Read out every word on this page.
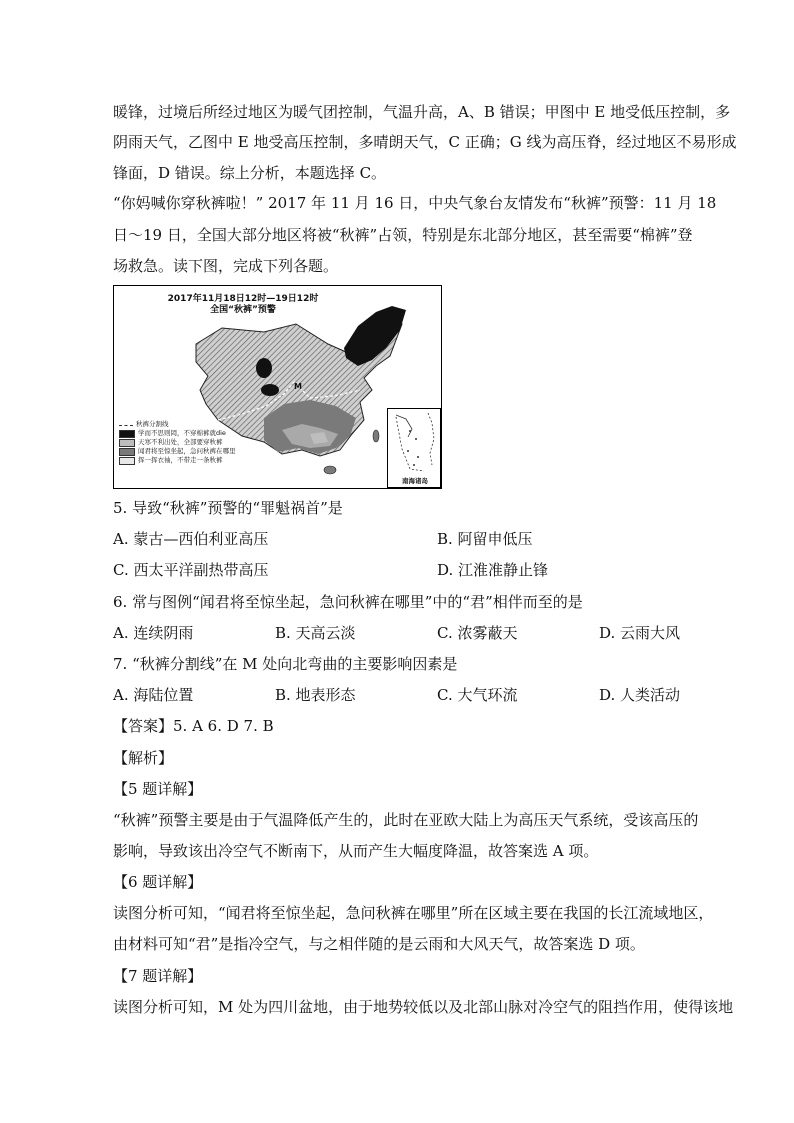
暖锋，过境后所经过地区为暖气团控制，气温升高，A、B 错误；甲图中 E 地受低压控制，多
阴雨天气，乙图中 E 地受高压控制，多晴朗天气，C 正确；G 线为高压脊，经过地区不易形成
锋面，D 错误。综上分析，本题选择 C。
“你妈喊你穿秋裤啦！” 2017 年 11 月 16 日，中央气象台友情发布“秋裤”预警：11 月 18
日～19 日，全国大部分地区将被“秋裤”占领，特别是东北部分地区，甚至需要“棉裤”登
场救急。读下图，完成下列各题。
2017年11月18日12时—19日12时
全国“秋裤”预警
M
秋裤分割线
学而不思则罔，不穿棉裤就die
天寒不利出处，全部要穿秋裤
闻君将至惊坐起，急问秋裤在哪里
挥一挥衣袖，不带走一条秋裤
南海诸岛
5. 导致“秋裤”预警的“罪魁祸首”是
A. 蒙古—西伯利亚高压	B. 阿留申低压
C. 西太平洋副热带高压	D. 江淮准静止锋
6. 常与图例“闻君将至惊坐起，急问秋裤在哪里”中的“君”相伴而至的是
A. 连续阴雨	B. 天高云淡	C. 浓雾蔽天	D. 云雨大风
7. “秋裤分割线”在 M 处向北弯曲的主要影响因素是
A. 海陆位置	B. 地表形态	C. 大气环流	D. 人类活动
【答案】5. A 6. D 7. B
【解析】
【5 题详解】
“秋裤”预警主要是由于气温降低产生的，此时在亚欧大陆上为高压天气系统，受该高压的
影响，导致该出冷空气不断南下，从而产生大幅度降温，故答案选 A 项。
【6 题详解】
读图分析可知，“闻君将至惊坐起，急问秋裤在哪里”所在区域主要在我国的长江流域地区，
由材料可知“君”是指冷空气，与之相伴随的是云雨和大风天气，故答案选 D 项。
【7 题详解】
读图分析可知，M 处为四川盆地，由于地势较低以及北部山脉对冷空气的阻挡作用，使得该地
